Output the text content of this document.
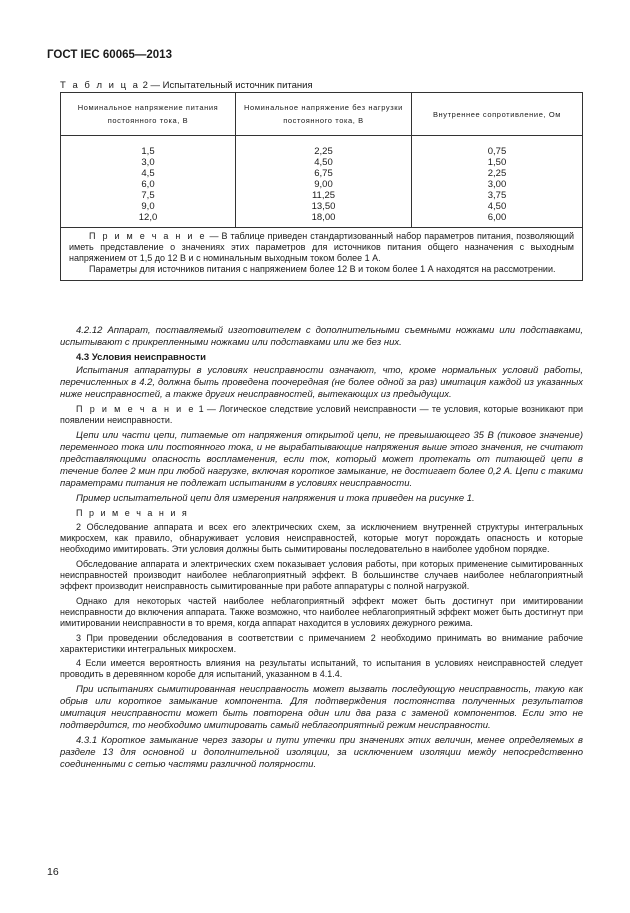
ГОСТ IEC 60065—2013
Т а б л и ц а 2 — Испытательный источник питания
Номинальное напряжение питания постоянного тока, В
Номинальное напряжение без нагрузки постоянного тока, В
Внутреннее сопротивление, Ом
1,5
3,0
4,5
6,0
7,5
9,0
12,0
2,25
4,50
6,75
9,00
11,25
13,50
18,00
0,75
1,50
2,25
3,00
3,75
4,50
6,00

П р и м е ч а н и е — В таблице приведен стандартизованный набор параметров питания, позволяющий иметь представление о значениях этих параметров для источников питания общего назначения с выходным напряжением от 1,5 до 12 В и с номинальным выходным током более 1 А.

Параметры для источников питания с напряжением более 12 В и током более 1 А находятся на рассмотрении.

4.2.12 Аппарат, поставляемый изготовителем с дополнительными съемными ножками или подставками, испытывают с прикрепленными ножками или подставками или же без них.

4.3 Условия неисправности

Испытания аппаратуры в условиях неисправности означают, что, кроме нормальных условий работы, перечисленных в 4.2, должна быть проведена поочередная (не более одной за раз) имитация каждой из указанных ниже неисправностей, а также других неисправностей, вытекающих из предыдущих.

П р и м е ч а н и е 1 — Логическое следствие условий неисправности — те условия, которые возникают при появлении неисправности.

Цепи или части цепи, питаемые от напряжения открытой цепи, не превышающего 35 В (пиковое значение) переменного тока или постоянного тока, и не вырабатывающие напряжения выше этого значения, не считают представляющими опасность воспламенения, если ток, который может протекать от питающей цепи в течение более 2 мин при любой нагрузке, включая короткое замыкание, не достигает более 0,2 А. Цепи с такими параметрами питания не подлежат испытаниям в условиях неисправности.

Пример испытательной цепи для измерения напряжения и тока приведен на рисунке 1.

П р и м е ч а н и я

2 Обследование аппарата и всех его электрических схем, за исключением внутренней структуры интегральных микросхем, как правило, обнаруживает условия неисправностей, которые могут порождать опасность и которые необходимо имитировать. Эти условия должны быть сымитированы последовательно в наиболее удобном порядке.

Обследование аппарата и электрических схем показывает условия работы, при которых применение сымитированных неисправностей производит наиболее неблагоприятный эффект. В большинстве случаев наиболее неблагоприятный эффект производит неисправность сымитированные при работе аппаратуры с полной нагрузкой.

Однако для некоторых частей наиболее неблагоприятный эффект может быть достигнут при имитировании неисправности до включения аппарата. Также возможно, что наиболее неблагоприятный эффект может быть достигнут при имитировании неисправности в то время, когда аппарат находится в условиях дежурного режима.

3 При проведении обследования в соответствии с примечанием 2 необходимо принимать во внимание рабочие характеристики интегральных микросхем.

4 Если имеется вероятность влияния на результаты испытаний, то испытания в условиях неисправностей следует проводить в деревянном коробе для испытаний, указанном в 4.1.4.

При испытаниях сымитированная неисправность может вызвать последующую неисправность, такую как обрыв или короткое замыкание компонента. Для подтверждения постоянства полученных результатов имитация неисправности может быть повторена один или два раза с заменой компонентов. Если это не подтвердится, то необходимо имитировать самый неблагоприятный режим неисправности.

4.3.1 Короткое замыкание через зазоры и пути утечки при значениях этих величин, менее определяемых в разделе 13 для основной и дополнительной изоляции, за исключением изоляции между непосредственно соединенными с сетью частями различной полярности.

16
